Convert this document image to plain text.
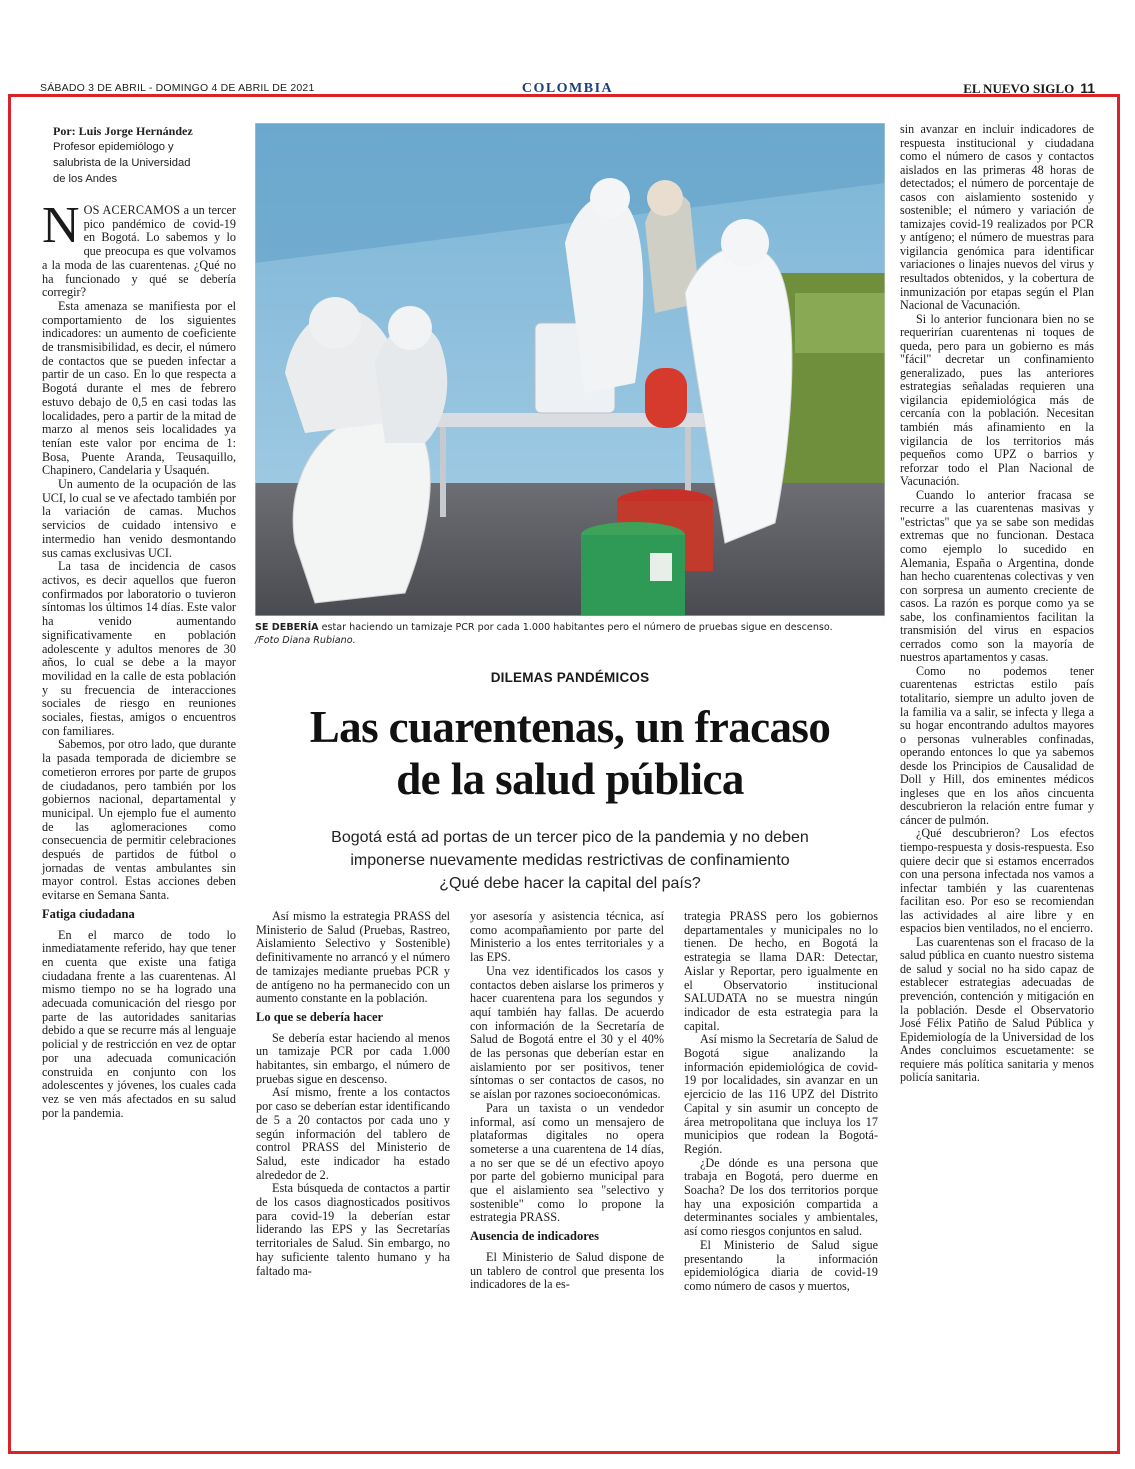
SÁBADO 3 DE ABRIL - DOMINGO 4 DE ABRIL DE 2021	COLOMBIA	EL NUEVO SIGLO 11
Por: Luis Jorge Hernández
Profesor epidemiólogo y
salubrista de la Universidad
de los Andes

NOS ACERCAMOS a un tercer pico pandémico de covid-19 en Bogotá. Lo sabemos y lo que preocupa es que volvamos a la moda de las cuarentenas. ¿Qué no ha funcionado y qué se debería corregir?

Esta amenaza se manifiesta por el comportamiento de los siguientes indicadores: un aumento de coeficiente de transmisibilidad, es decir, el número de contactos que se pueden infectar a partir de un caso. En lo que respecta a Bogotá durante el mes de febrero estuvo debajo de 0,5 en casi todas las localidades, pero a partir de la mitad de marzo al menos seis localidades ya tenían este valor por encima de 1: Bosa, Puente Aranda, Teusaquillo, Chapinero, Candelaria y Usaquén.

Un aumento de la ocupación de las UCI, lo cual se ve afectado también por la variación de camas. Muchos servicios de cuidado intensivo e intermedio han venido desmontando sus camas exclusivas UCI.

La tasa de incidencia de casos activos, es decir aquellos que fueron confirmados por laboratorio o tuvieron síntomas los últimos 14 días. Este valor ha venido aumentando significativamente en población adolescente y adultos menores de 30 años, lo cual se debe a la mayor movilidad en la calle de esta población y su frecuencia de interacciones sociales de riesgo en reuniones sociales, fiestas, amigos o encuentros con familiares.

Sabemos, por otro lado, que durante la pasada temporada de diciembre se cometieron errores por parte de grupos de ciudadanos, pero también por los gobiernos nacional, departamental y municipal. Un ejemplo fue el aumento de las aglomeraciones como consecuencia de permitir celebraciones después de partidos de fútbol o jornadas de ventas ambulantes sin mayor control. Estas acciones deben evitarse en Semana Santa.

Fatiga ciudadana

En el marco de todo lo inmediatamente referido, hay que tener en cuenta que existe una fatiga ciudadana frente a las cuarentenas. Al mismo tiempo no se ha logrado una adecuada comunicación del riesgo por parte de las autoridades sanitarias debido a que se recurre más al lenguaje policial y de restricción en vez de optar por una adecuada comunicación construida en conjunto con los adolescentes y jóvenes, los cuales cada vez se ven más afectados en su salud por la pandemia.

SE DEBERÍA estar haciendo un tamizaje PCR por cada 1.000 habitantes pero el número de pruebas sigue en descenso.
/Foto Diana Rubiano.
DILEMAS PANDÉMICOS
Las cuarentenas, un fracaso
de la salud pública
Bogotá está ad portas de un tercer pico de la pandemia y no deben
imponerse nuevamente medidas restrictivas de confinamiento
¿Qué debe hacer la capital del país?

Así mismo la estrategia PRASS del Ministerio de Salud (Pruebas, Rastreo, Aislamiento Selectivo y Sostenible) definitivamente no arrancó y el número de tamizajes mediante pruebas PCR y de antígeno no ha permanecido con un aumento constante en la población.

Lo que se debería hacer

Se debería estar haciendo al menos un tamizaje PCR por cada 1.000 habitantes, sin embargo, el número de pruebas sigue en descenso.

Así mismo, frente a los contactos por caso se deberían estar identificando de 5 a 20 contactos por cada uno y según información del tablero de control PRASS del Ministerio de Salud, este indicador ha estado alrededor de 2.

Esta búsqueda de contactos a partir de los casos diagnosticados positivos para covid-19 la deberían estar liderando las EPS y las Secretarías territoriales de Salud. Sin embargo, no hay suficiente talento humano y ha faltado ma-

yor asesoría y asistencia técnica, así como acompañamiento por parte del Ministerio a los entes territoriales y a las EPS.

Una vez identificados los casos y contactos deben aislarse los primeros y hacer cuarentena para los segundos y aquí también hay fallas. De acuerdo con información de la Secretaría de Salud de Bogotá entre el 30 y el 40% de las personas que deberían estar en aislamiento por ser positivos, tener síntomas o ser contactos de casos, no se aíslan por razones socioeconómicas.

Para un taxista o un vendedor informal, así como un mensajero de plataformas digitales no opera someterse a una cuarentena de 14 días, a no ser que se dé un efectivo apoyo por parte del gobierno municipal para que el aislamiento sea "selectivo y sostenible" como lo propone la estrategia PRASS.

Ausencia de indicadores

El Ministerio de Salud dispone de un tablero de control que presenta los indicadores de la es-

trategia PRASS pero los gobiernos departamentales y municipales no lo tienen. De hecho, en Bogotá la estrategia se llama DAR: Detectar, Aislar y Reportar, pero igualmente en el Observatorio institucional SALUDATA no se muestra ningún indicador de esta estrategia para la capital.

Así mismo la Secretaría de Salud de Bogotá sigue analizando la información epidemiológica de covid-19 por localidades, sin avanzar en un ejercicio de las 116 UPZ del Distrito Capital y sin asumir un concepto de área metropolitana que incluya los 17 municipios que rodean la Bogotá-Región.

¿De dónde es una persona que trabaja en Bogotá, pero duerme en Soacha? De los dos territorios porque hay una exposición compartida a determinantes sociales y ambientales, así como riesgos conjuntos en salud.

El Ministerio de Salud sigue presentando la información epidemiológica diaria de covid-19 como número de casos y muertos,

sin avanzar en incluir indicadores de respuesta institucional y ciudadana como el número de casos y contactos aislados en las primeras 48 horas de detectados; el número de porcentaje de casos con aislamiento sostenido y sostenible; el número y variación de tamizajes covid-19 realizados por PCR y antígeno; el número de muestras para vigilancia genómica para identificar variaciones o linajes nuevos del virus y resultados obtenidos, y la cobertura de inmunización por etapas según el Plan Nacional de Vacunación.

Si lo anterior funcionara bien no se requerirían cuarentenas ni toques de queda, pero para un gobierno es más "fácil" decretar un confinamiento generalizado, pues las anteriores estrategias señaladas requieren una vigilancia epidemiológica más de cercanía con la población. Necesitan también más afinamiento en la vigilancia de los territorios más pequeños como UPZ o barrios y reforzar todo el Plan Nacional de Vacunación.

Cuando lo anterior fracasa se recurre a las cuarentenas masivas y "estrictas" que ya se sabe son medidas extremas que no funcionan. Destaca como ejemplo lo sucedido en Alemania, España o Argentina, donde han hecho cuarentenas colectivas y ven con sorpresa un aumento creciente de casos. La razón es porque como ya se sabe, los confinamientos facilitan la transmisión del virus en espacios cerrados como son la mayoría de nuestros apartamentos y casas.

Como no podemos tener cuarentenas estrictas estilo país totalitario, siempre un adulto joven de la familia va a salir, se infecta y llega a su hogar encontrando adultos mayores o personas vulnerables confinadas, operando entonces lo que ya sabemos desde los Principios de Causalidad de Doll y Hill, dos eminentes médicos ingleses que en los años cincuenta descubrieron la relación entre fumar y cáncer de pulmón.

¿Qué descubrieron? Los efectos tiempo-respuesta y dosis-respuesta. Eso quiere decir que si estamos encerrados con una persona infectada nos vamos a infectar también y las cuarentenas facilitan eso. Por eso se recomiendan las actividades al aire libre y en espacios bien ventilados, no el encierro.

Las cuarentenas son el fracaso de la salud pública en cuanto nuestro sistema de salud y social no ha sido capaz de establecer estrategias adecuadas de prevención, contención y mitigación en la población. Desde el Observatorio José Félix Patiño de Salud Pública y Epidemiología de la Universidad de los Andes concluimos escuetamente: se requiere más política sanitaria y menos policía sanitaria.
